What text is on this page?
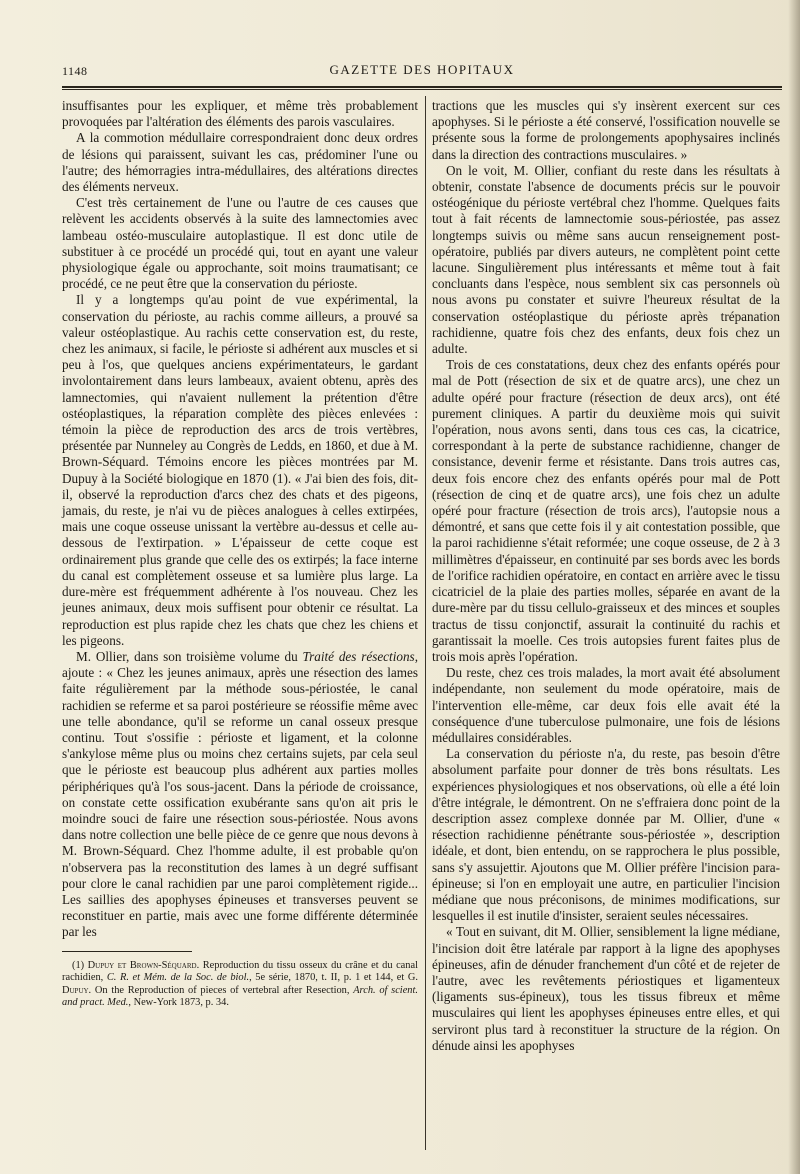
1148	GAZETTE DES HOPITAUX

insuffisantes pour les expliquer, et même très probablement provoquées par l'altération des éléments des parois vasculaires.

A la commotion médullaire correspondraient donc deux ordres de lésions qui paraissent, suivant les cas, prédominer l'une ou l'autre; des hémorragies intra-médullaires, des altérations directes des éléments nerveux.

C'est très certainement de l'une ou l'autre de ces causes que relèvent les accidents observés à la suite des lamnectomies avec lambeau ostéo-musculaire autoplastique. Il est donc utile de substituer à ce procédé un procédé qui, tout en ayant une valeur physiologique égale ou approchante, soit moins traumatisant; ce procédé, ce ne peut être que la conservation du périoste.

Il y a longtemps qu'au point de vue expérimental, la conservation du périoste, au rachis comme ailleurs, a prouvé sa valeur ostéoplastique. Au rachis cette conservation est, du reste, chez les animaux, si facile, le périoste si adhérent aux muscles et si peu à l'os, que quelques anciens expérimentateurs, le gardant involontairement dans leurs lambeaux, avaient obtenu, après des lamnectomies, qui n'avaient nullement la prétention d'être ostéoplastiques, la réparation complète des pièces enlevées : témoin la pièce de reproduction des arcs de trois vertèbres, présentée par Nunneley au Congrès de Ledds, en 1860, et due à M. Brown-Séquard. Témoins encore les pièces montrées par M. Dupuy à la Société biologique en 1870 (1). « J'ai bien des fois, dit-il, observé la reproduction d'arcs chez des chats et des pigeons, jamais, du reste, je n'ai vu de pièces analogues à celles extirpées, mais une coque osseuse unissant la vertèbre au-dessus et celle au-dessous de l'extirpation. » L'épaisseur de cette coque est ordinairement plus grande que celle des os extirpés; la face interne du canal est complètement osseuse et sa lumière plus large. La dure-mère est fréquemment adhérente à l'os nouveau. Chez les jeunes animaux, deux mois suffisent pour obtenir ce résultat. La reproduction est plus rapide chez les chats que chez les chiens et les pigeons.

M. Ollier, dans son troisième volume du Traité des résections, ajoute : « Chez les jeunes animaux, après une résection des lames faite régulièrement par la méthode sous-périostée, le canal rachidien se referme et sa paroi postérieure se réossifie même avec une telle abondance, qu'il se reforme un canal osseux presque continu. Tout s'ossifie : périoste et ligament, et la colonne s'ankylose même plus ou moins chez certains sujets, par cela seul que le périoste est beaucoup plus adhérent aux parties molles périphériques qu'à l'os sous-jacent. Dans la période de croissance, on constate cette ossification exubérante sans qu'on ait pris le moindre souci de faire une résection sous-périostée. Nous avons dans notre collection une belle pièce de ce genre que nous devons à M. Brown-Séquard. Chez l'homme adulte, il est probable qu'on n'observera pas la reconstitution des lames à un degré suffisant pour clore le canal rachidien par une paroi complètement rigide... Les saillies des apophyses épineuses et transverses peuvent se reconstituer en partie, mais avec une forme différente déterminée par les

(1) Dupuy et Brown-Séquard. Reproduction du tissu osseux du crâne et du canal rachidien, C. R. et Mém. de la Soc. de biol., 5e série, 1870, t. II, p. 1 et 144, et G. Dupuy. On the Reproduction of pieces of vertebral after Resection, Arch. of scient. and pract. Med., New-York 1873, p. 34.

tractions que les muscles qui s'y insèrent exercent sur ces apophyses. Si le périoste a été conservé, l'ossification nouvelle se présente sous la forme de prolongements apophysaires inclinés dans la direction des contractions musculaires. »

On le voit, M. Ollier, confiant du reste dans les résultats à obtenir, constate l'absence de documents précis sur le pouvoir ostéogénique du périoste vertébral chez l'homme. Quelques faits tout à fait récents de lamnectomie sous-périostée, pas assez longtemps suivis ou même sans aucun renseignement post-opératoire, publiés par divers auteurs, ne complètent point cette lacune. Singulièrement plus intéressants et même tout à fait concluants dans l'espèce, nous semblent six cas personnels où nous avons pu constater et suivre l'heureux résultat de la conservation ostéoplastique du périoste après trépanation rachidienne, quatre fois chez des enfants, deux fois chez un adulte.

Trois de ces constatations, deux chez des enfants opérés pour mal de Pott (résection de six et de quatre arcs), une chez un adulte opéré pour fracture (résection de deux arcs), ont été purement cliniques. A partir du deuxième mois qui suivit l'opération, nous avons senti, dans tous ces cas, la cicatrice, correspondant à la perte de substance rachidienne, changer de consistance, devenir ferme et résistante. Dans trois autres cas, deux fois encore chez des enfants opérés pour mal de Pott (résection de cinq et de quatre arcs), une fois chez un adulte opéré pour fracture (résection de trois arcs), l'autopsie nous a démontré, et sans que cette fois il y ait contestation possible, que la paroi rachidienne s'était reformée; une coque osseuse, de 2 à 3 millimètres d'épaisseur, en continuité par ses bords avec les bords de l'orifice rachidien opératoire, en contact en arrière avec le tissu cicatriciel de la plaie des parties molles, séparée en avant de la dure-mère par du tissu cellulo-graisseux et des minces et souples tractus de tissu conjonctif, assurait la continuité du rachis et garantissait la moelle. Ces trois autopsies furent faites plus de trois mois après l'opération.

Du reste, chez ces trois malades, la mort avait été absolument indépendante, non seulement du mode opératoire, mais de l'intervention elle-même, car deux fois elle avait été la conséquence d'une tuberculose pulmonaire, une fois de lésions médullaires considérables.

La conservation du périoste n'a, du reste, pas besoin d'être absolument parfaite pour donner de très bons résultats. Les expériences physiologiques et nos observations, où elle a été loin d'être intégrale, le démontrent. On ne s'effraiera donc point de la description assez complexe donnée par M. Ollier, d'une « résection rachidienne pénétrante sous-périostée », description idéale, et dont, bien entendu, on se rapprochera le plus possible, sans s'y assujettir. Ajoutons que M. Ollier préfère l'incision para-épineuse; si l'on en employait une autre, en particulier l'incision médiane que nous préconisons, de minimes modifications, sur lesquelles il est inutile d'insister, seraient seules nécessaires.

« Tout en suivant, dit M. Ollier, sensiblement la ligne médiane, l'incision doit être latérale par rapport à la ligne des apophyses épineuses, afin de dénuder franchement d'un côté et de rejeter de l'autre, avec les revêtements périostiques et ligamenteux (ligaments sus-épineux), tous les tissus fibreux et même musculaires qui lient les apophyses épineuses entre elles, et qui serviront plus tard à reconstituer la structure de la région. On dénude ainsi les apophyses
